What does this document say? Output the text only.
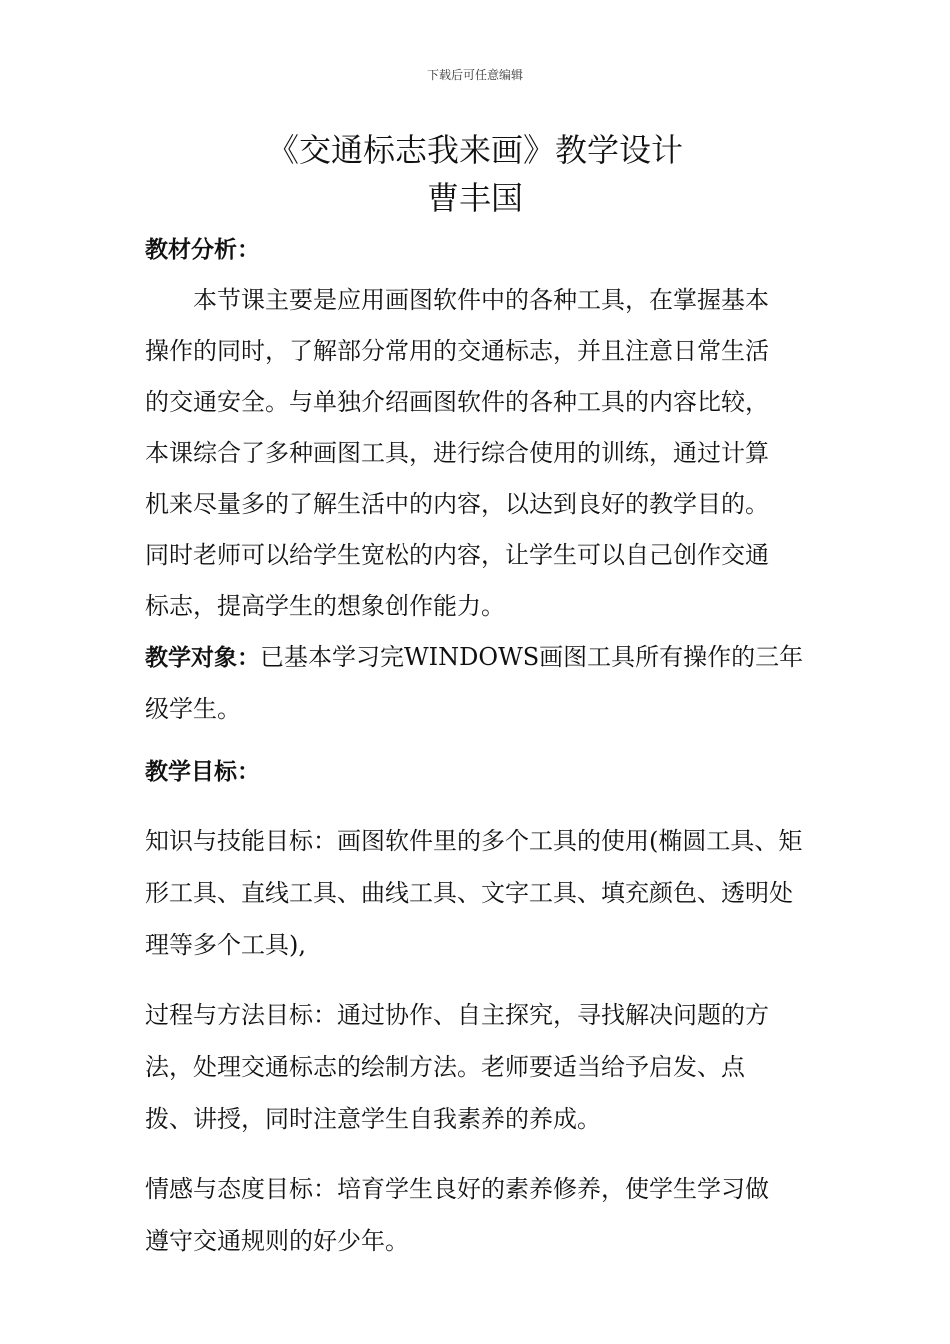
下载后可任意编辑
《交通标志我来画》教学设计
曹丰国

教材分析：

本节课主要是应用画图软件中的各种工具，在掌握基本操作的同时，了解部分常用的交通标志，并且注意日常生活的交通安全。与单独介绍画图软件的各种工具的内容比较，本课综合了多种画图工具，进行综合使用的训练，通过计算机来尽量多的了解生活中的内容，以达到良好的教学目的。同时老师可以给学生宽松的内容，让学生可以自己创作交通标志，提高学生的想象创作能力。

教学对象：已基本学习完WINDOWS画图工具所有操作的三年级学生。

教学目标：

知识与技能目标：画图软件里的多个工具的使用(椭圆工具、矩形工具、直线工具、曲线工具、文字工具、填充颜色、透明处理等多个工具),

过程与方法目标：通过协作、自主探究，寻找解决问题的方法，处理交通标志的绘制方法。老师要适当给予启发、点拨、讲授，同时注意学生自我素养的养成。

情感与态度目标：培育学生良好的素养修养，使学生学习做遵守交通规则的好少年。
